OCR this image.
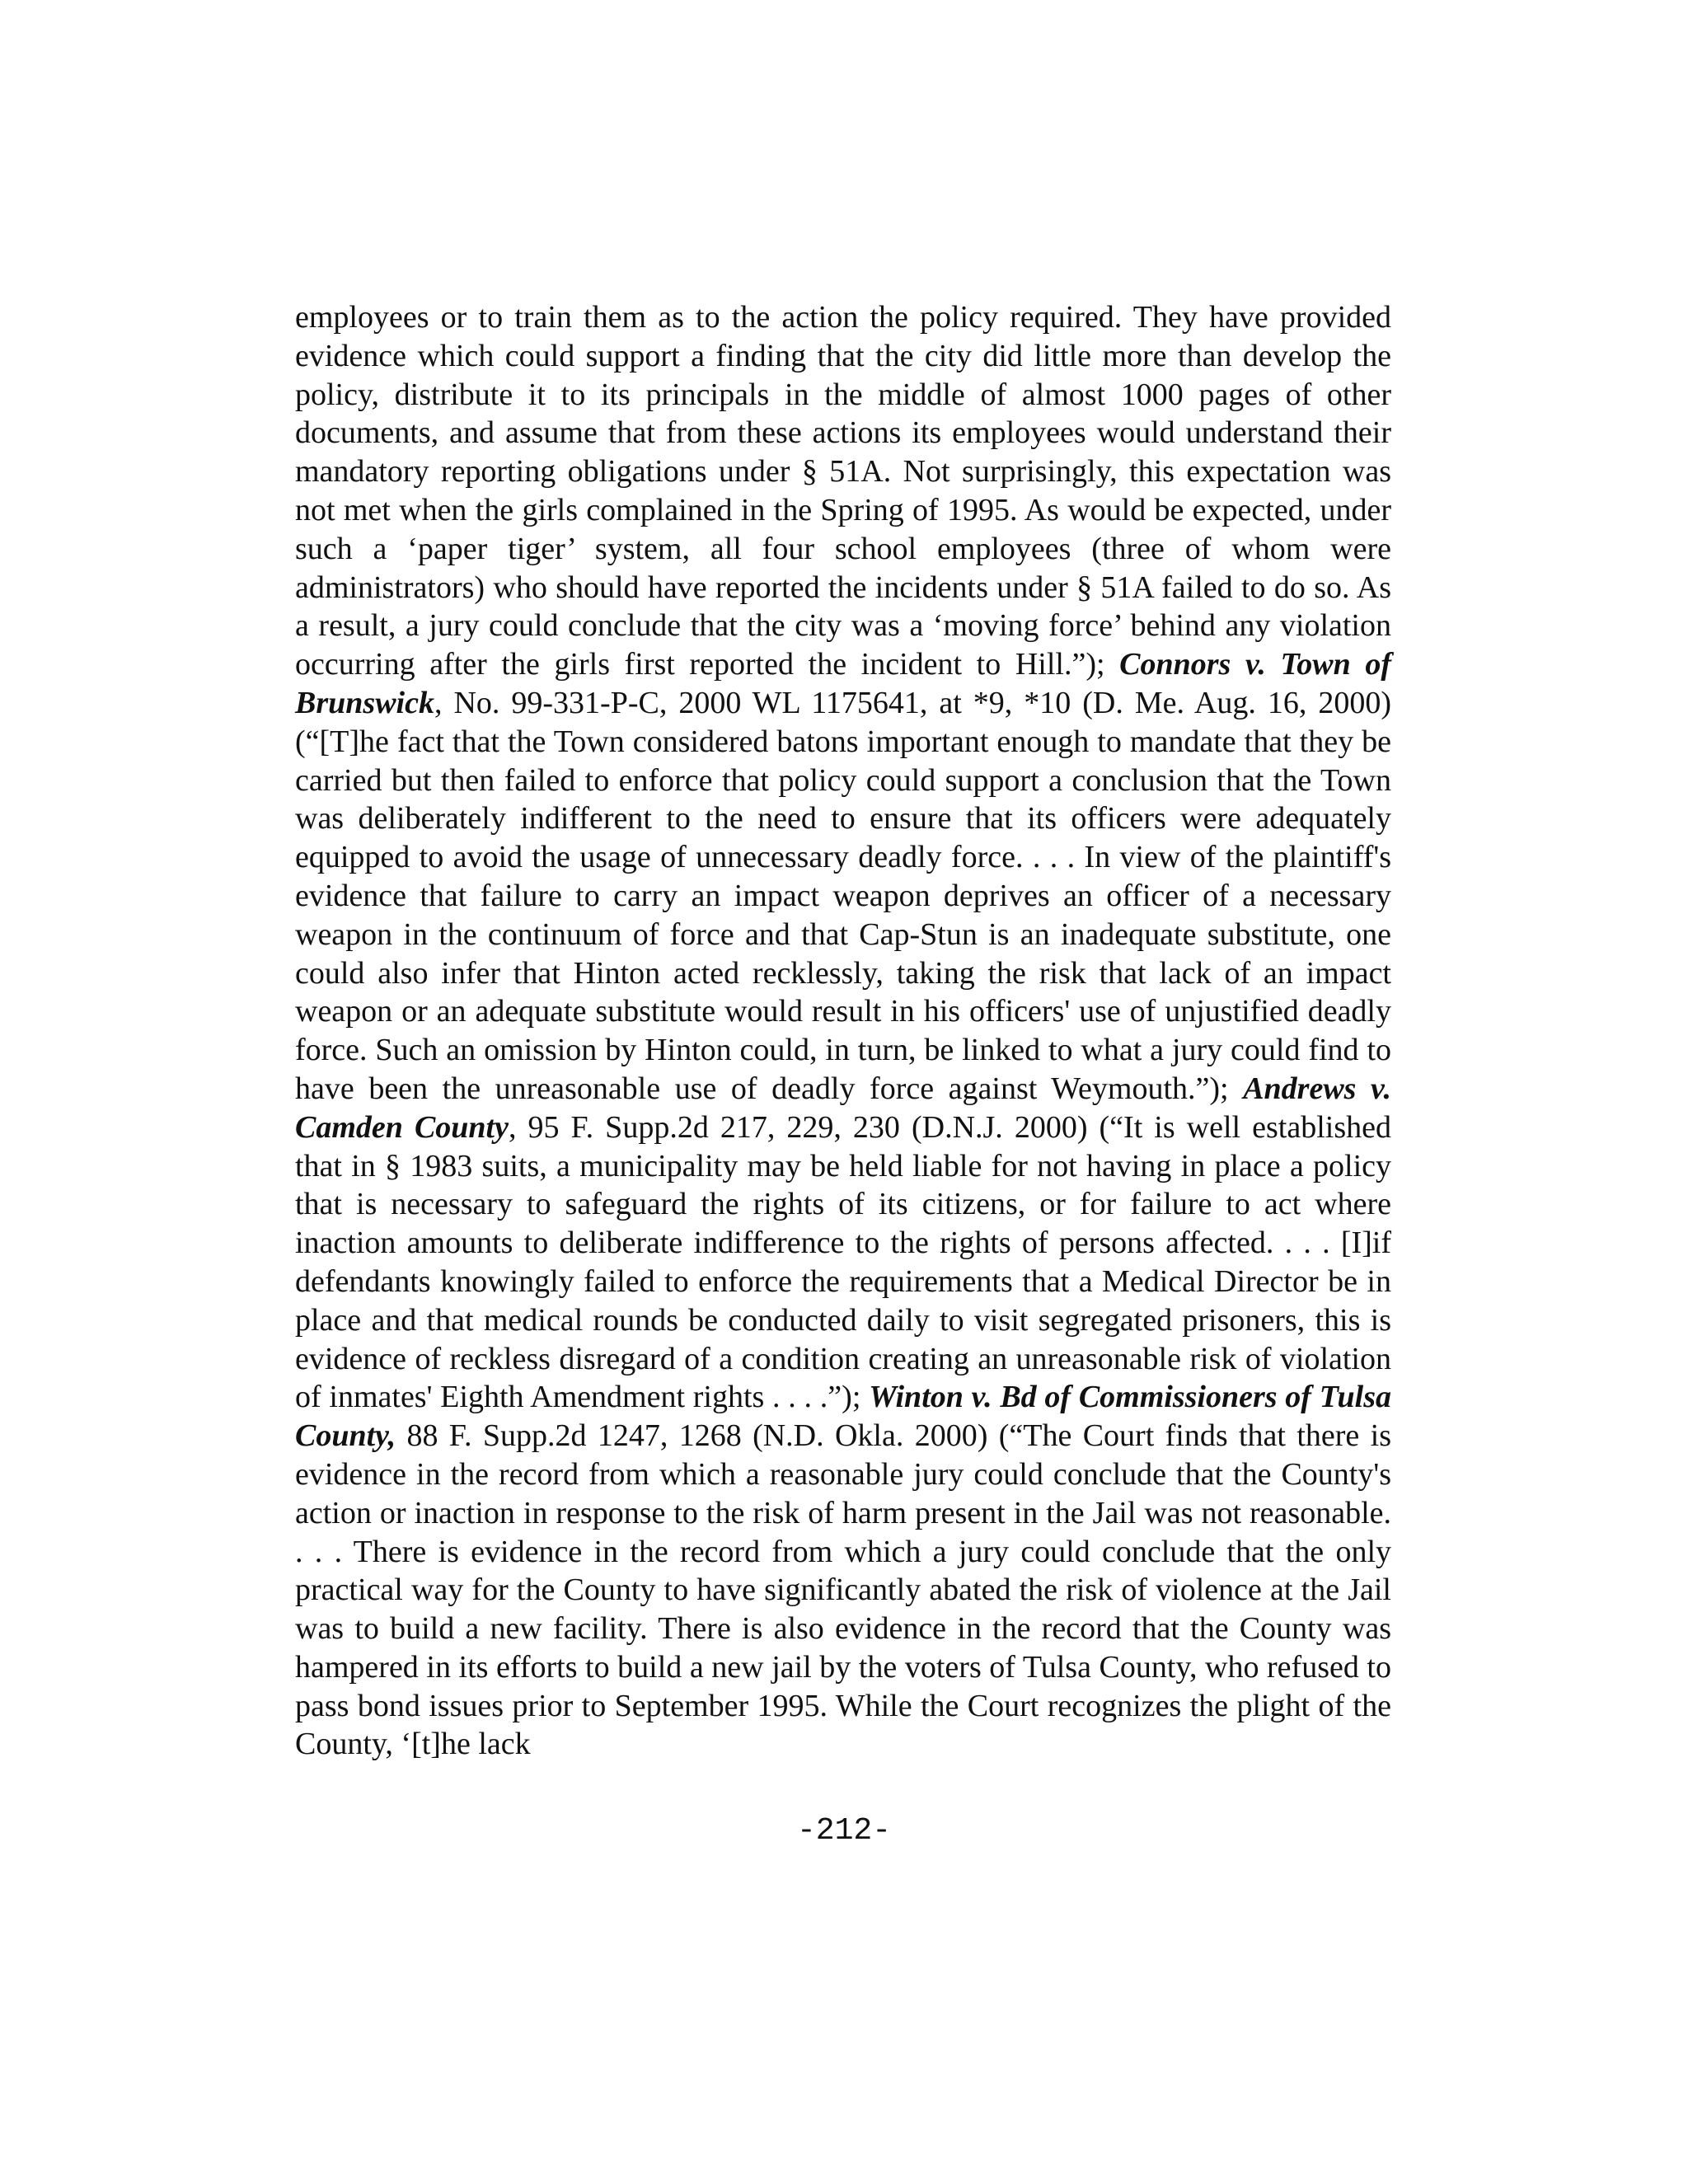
employees or to train them as to the action the policy required. They have provided evidence which could support a finding that the city did little more than develop the policy, distribute it to its principals in the middle of almost 1000 pages of other documents, and assume that from these actions its employees would understand their mandatory reporting obligations under § 51A. Not surprisingly, this expectation was not met when the girls complained in the Spring of 1995. As would be expected, under such a ‘paper tiger’ system, all four school employees (three of whom were administrators) who should have reported the incidents under § 51A failed to do so. As a result, a jury could conclude that the city was a ‘moving force’ behind any violation occurring after the girls first reported the incident to Hill.”); Connors v. Town of Brunswick, No. 99-331-P-C, 2000 WL 1175641, at *9, *10 (D. Me. Aug. 16, 2000) (“[T]he fact that the Town considered batons important enough to mandate that they be carried but then failed to enforce that policy could support a conclusion that the Town was deliberately indifferent to the need to ensure that its officers were adequately equipped to avoid the usage of unnecessary deadly force. . . . In view of the plaintiff's evidence that failure to carry an impact weapon deprives an officer of a necessary weapon in the continuum of force and that Cap-Stun is an inadequate substitute, one could also infer that Hinton acted recklessly, taking the risk that lack of an impact weapon or an adequate substitute would result in his officers' use of unjustified deadly force. Such an omission by Hinton could, in turn, be linked to what a jury could find to have been the unreasonable use of deadly force against Weymouth.”); Andrews v. Camden County, 95 F. Supp.2d 217, 229, 230 (D.N.J. 2000) (“It is well established that in § 1983 suits, a municipality may be held liable for not having in place a policy that is necessary to safeguard the rights of its citizens, or for failure to act where inaction amounts to deliberate indifference to the rights of persons affected. . . . [I]if defendants knowingly failed to enforce the requirements that a Medical Director be in place and that medical rounds be conducted daily to visit segregated prisoners, this is evidence of reckless disregard of a condition creating an unreasonable risk of violation of inmates' Eighth Amendment rights . . . .”); Winton v. Bd of Commissioners of Tulsa County, 88 F. Supp.2d 1247, 1268 (N.D. Okla. 2000) (“The Court finds that there is evidence in the record from which a reasonable jury could conclude that the County's action or inaction in response to the risk of harm present in the Jail was not reasonable. . . . There is evidence in the record from which a jury could conclude that the only practical way for the County to have significantly abated the risk of violence at the Jail was to build a new facility. There is also evidence in the record that the County was hampered in its efforts to build a new jail by the voters of Tulsa County, who refused to pass bond issues prior to September 1995. While the Court recognizes the plight of the County, ‘[t]he lack

-212-
